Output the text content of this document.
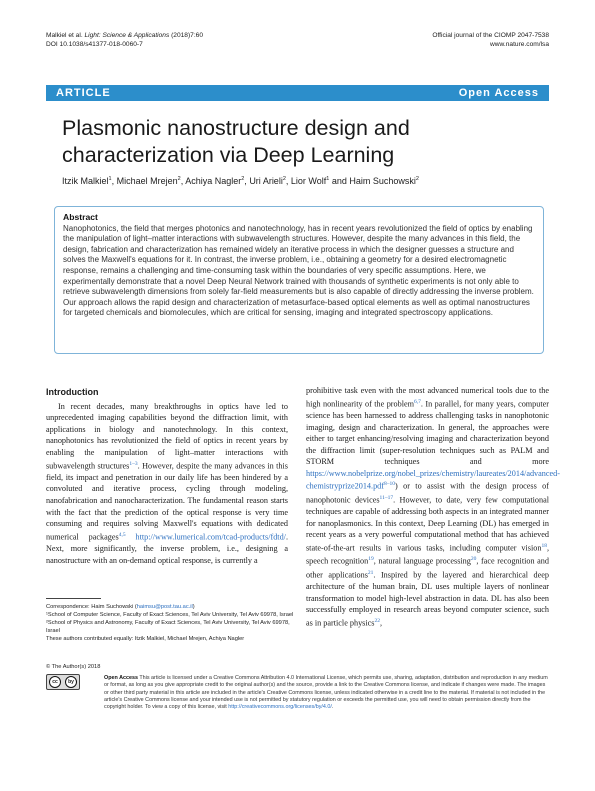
Malkiel et al. Light: Science & Applications (2018)7:60
DOI 10.1038/s41377-018-0060-7
Official journal of the CIOMP 2047-7538
www.nature.com/lsa
ARTICLE	Open Access
Plasmonic nanostructure design and characterization via Deep Learning
Itzik Malkiel$^1$, Michael Mrejen$^2$, Achiya Nagler$^2$, Uri Arieli$^2$, Lior Wolf$^1$ and Haim Suchowski$^2$
Abstract
Nanophotonics, the field that merges photonics and nanotechnology, has in recent years revolutionized the field of optics by enabling the manipulation of light–matter interactions with subwavelength structures. However, despite the many advances in this field, the design, fabrication and characterization has remained widely an iterative process in which the designer guesses a structure and solves the Maxwell's equations for it. In contrast, the inverse problem, i.e., obtaining a geometry for a desired electromagnetic response, remains a challenging and time-consuming task within the boundaries of very specific assumptions. Here, we experimentally demonstrate that a novel Deep Neural Network trained with thousands of synthetic experiments is not only able to retrieve subwavelength dimensions from solely far-field measurements but is also capable of directly addressing the inverse problem. Our approach allows the rapid design and characterization of metasurface-based optical elements as well as optimal nanostructures for targeted chemicals and biomolecules, which are critical for sensing, imaging and integrated spectroscopy applications.
Introduction

In recent decades, many breakthroughs in optics have led to unprecedented imaging capabilities beyond the diffraction limit, with applications in biology and nanotechnology. In this context, nanophotonics has revolutionized the field of optics in recent years by enabling the manipulation of light–matter interactions with subwavelength structures$^{1-3}$. However, despite the many advances in this field, its impact and penetration in our daily life has been hindered by a convoluted and iterative process, cycling through modeling, nanofabrication and nanocharacterization. The fundamental reason starts with the fact that the prediction of the optical response is very time consuming and requires solving Maxwell's equations with dedicated numerical packages$^{4,5}$ http://www.lumerical.com/tcad-products/fdtd/. Next, more significantly, the inverse problem, i.e., designing a nanostructure with an on-demand optical response, is currently a

prohibitive task even with the most advanced numerical tools due to the high nonlinearity of the problem$^{6,7}$. In parallel, for many years, computer science has been harnessed to address challenging tasks in nanophotonic imaging, design and characterization. In general, the approaches were either to target enhancing/resolving imaging and characterization beyond the diffraction limit (super-resolution techniques such as PALM and STORM techniques and more https://www.nobelprize.org/nobel_prizes/chemistry/laureates/2014/advanced-chemistryprize2014.pdf$^{8-10}$) or to assist with the design process of nanophotonic devices$^{11-17}$. However, to date, very few computational techniques are capable of addressing both aspects in an integrated manner for nanoplasmonics. In this context, Deep Learning (DL) has emerged in recent years as a very powerful computational method that has achieved state-of-the-art results in various tasks, including computer vision$^{18}$, speech recognition$^{19}$, natural language processing$^{20}$, face recognition and other applications$^{21}$. Inspired by the layered and hierarchical deep architecture of the human brain, DL uses multiple layers of nonlinear transformation to model high-level abstraction in data. DL has also been successfully employed in research areas beyond computer science, such as in particle physics$^{22}$,

Correspondence: Haim Suchowski (haimsu@post.tau.ac.il)
¹School of Computer Science, Faculty of Exact Sciences, Tel Aviv University, Tel Aviv 69978, Israel
²School of Physics and Astronomy, Faculty of Exact Sciences, Tel Aviv University, Tel Aviv 69978, Israel
These authors contributed equally: Itzik Malkiel, Michael Mrejen, Achiya Nagler
© The Author(s) 2018
cc	by
Open Access This article is licensed under a Creative Commons Attribution 4.0 International License, which permits use, sharing, adaptation, distribution and reproduction in any medium or format, as long as you give appropriate credit to the original author(s) and the source, provide a link to the Creative Commons license, and indicate if changes were made. The images or other third party material in this article are included in the article's Creative Commons license, unless indicated otherwise in a credit line to the material. If material is not included in the article's Creative Commons license and your intended use is not permitted by statutory regulation or exceeds the permitted use, you will need to obtain permission directly from the copyright holder. To view a copy of this license, visit http://creativecommons.org/licenses/by/4.0/.
